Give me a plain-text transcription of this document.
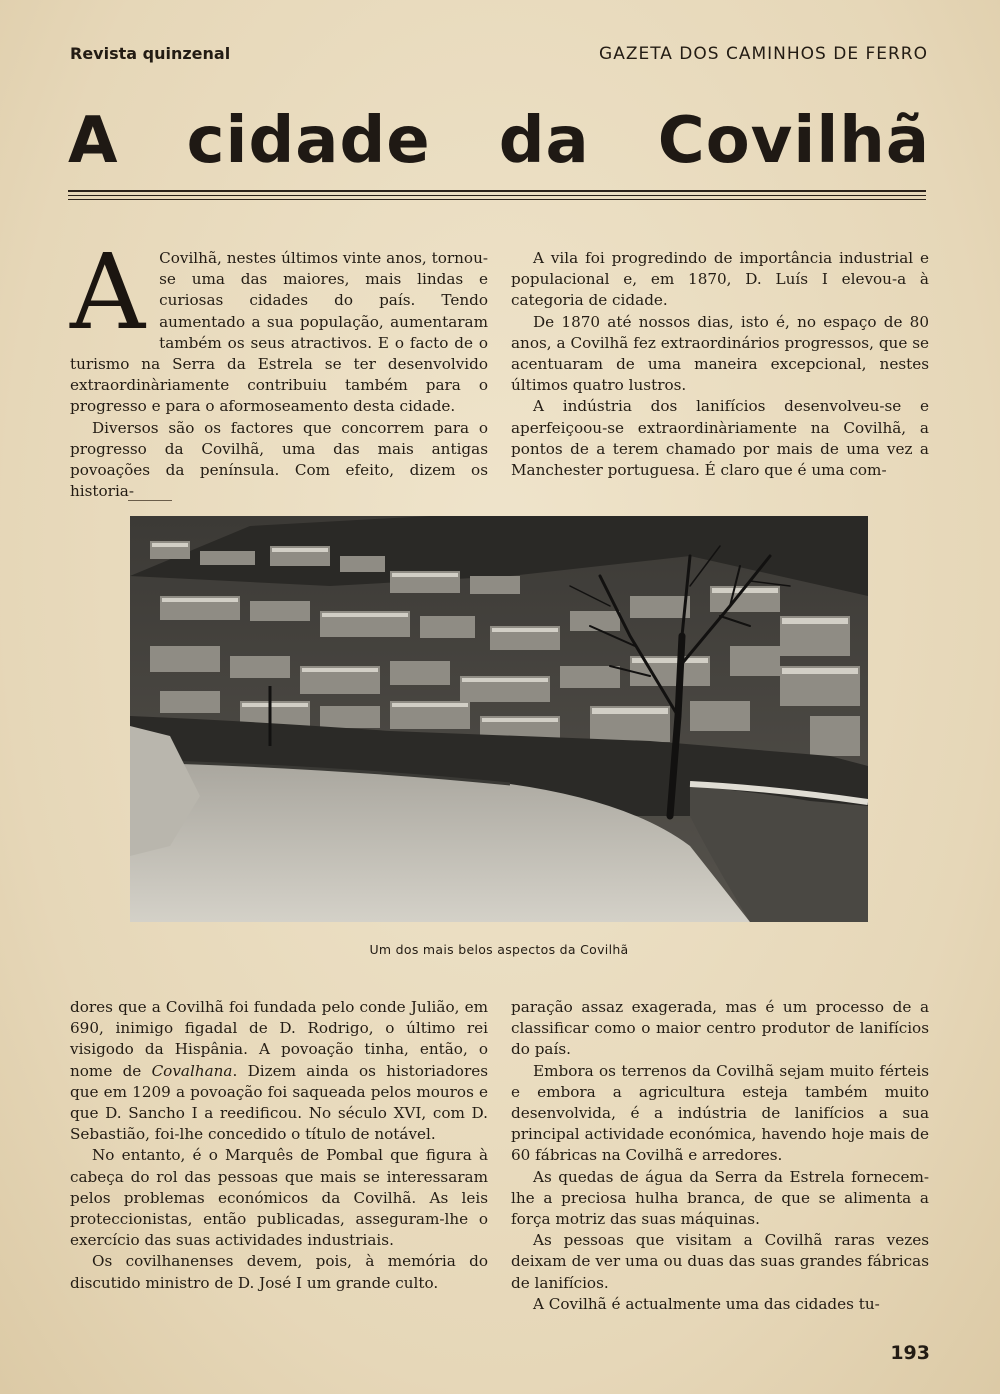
Revista quinzenal	GAZETA DOS CAMINHOS DE FERRO
A cidade da Covilhã
A Covilhã, nestes últimos vinte anos, tornou-se uma das maiores, mais lindas e curiosas cidades do país. Tendo aumentado a sua população, aumentaram também os seus atractivos. E o facto de o turismo na Serra da Estrela se ter desenvolvido extraordinàriamente contribuiu também para o progresso e para o aformoseamento desta cidade.

Diversos são os factores que concorrem para o progresso da Covilhã, uma das mais antigas povoações da península. Com efeito, dizem os historia-

A vila foi progredindo de importância industrial e populacional e, em 1870, D. Luís I elevou-a à categoria de cidade.

De 1870 até nossos dias, isto é, no espaço de 80 anos, a Covilhã fez extraordinários progressos, que se acentuaram de uma maneira excepcional, nestes últimos quatro lustros.

A indústria dos lanifícios desenvolveu-se e aperfeiçoou-se extraordinàriamente na Covilhã, a pontos de a terem chamado por mais de uma vez a Manchester portuguesa. É claro que é uma com-

Um dos mais belos aspectos da Covilhã

dores que a Covilhã foi fundada pelo conde Julião, em 690, inimigo figadal de D. Rodrigo, o último rei visigodo da Hispânia. A povoação tinha, então, o nome de Covalhana. Dizem ainda os historiadores que em 1209 a povoação foi saqueada pelos mouros e que D. Sancho I a reedificou. No século XVI, com D. Sebastião, foi-lhe concedido o título de notável.

No entanto, é o Marquês de Pombal que figura à cabeça do rol das pessoas que mais se interessaram pelos problemas económicos da Covilhã. As leis proteccionistas, então publicadas, asseguram-lhe o exercício das suas actividades industriais.

Os covilhanenses devem, pois, à memória do discutido ministro de D. José I um grande culto.

paração assaz exagerada, mas é um processo de a classificar como o maior centro produtor de lanifícios do país.

Embora os terrenos da Covilhã sejam muito férteis e embora a agricultura esteja também muito desenvolvida, é a indústria de lanifícios a sua principal actividade económica, havendo hoje mais de 60 fábricas na Covilhã e arredores.

As quedas de água da Serra da Estrela fornecem-lhe a preciosa hulha branca, de que se alimenta a força motriz das suas máquinas.

As pessoas que visitam a Covilhã raras vezes deixam de ver uma ou duas das suas grandes fábricas de lanifícios.

A Covilhã é actualmente uma das cidades tu-

193
